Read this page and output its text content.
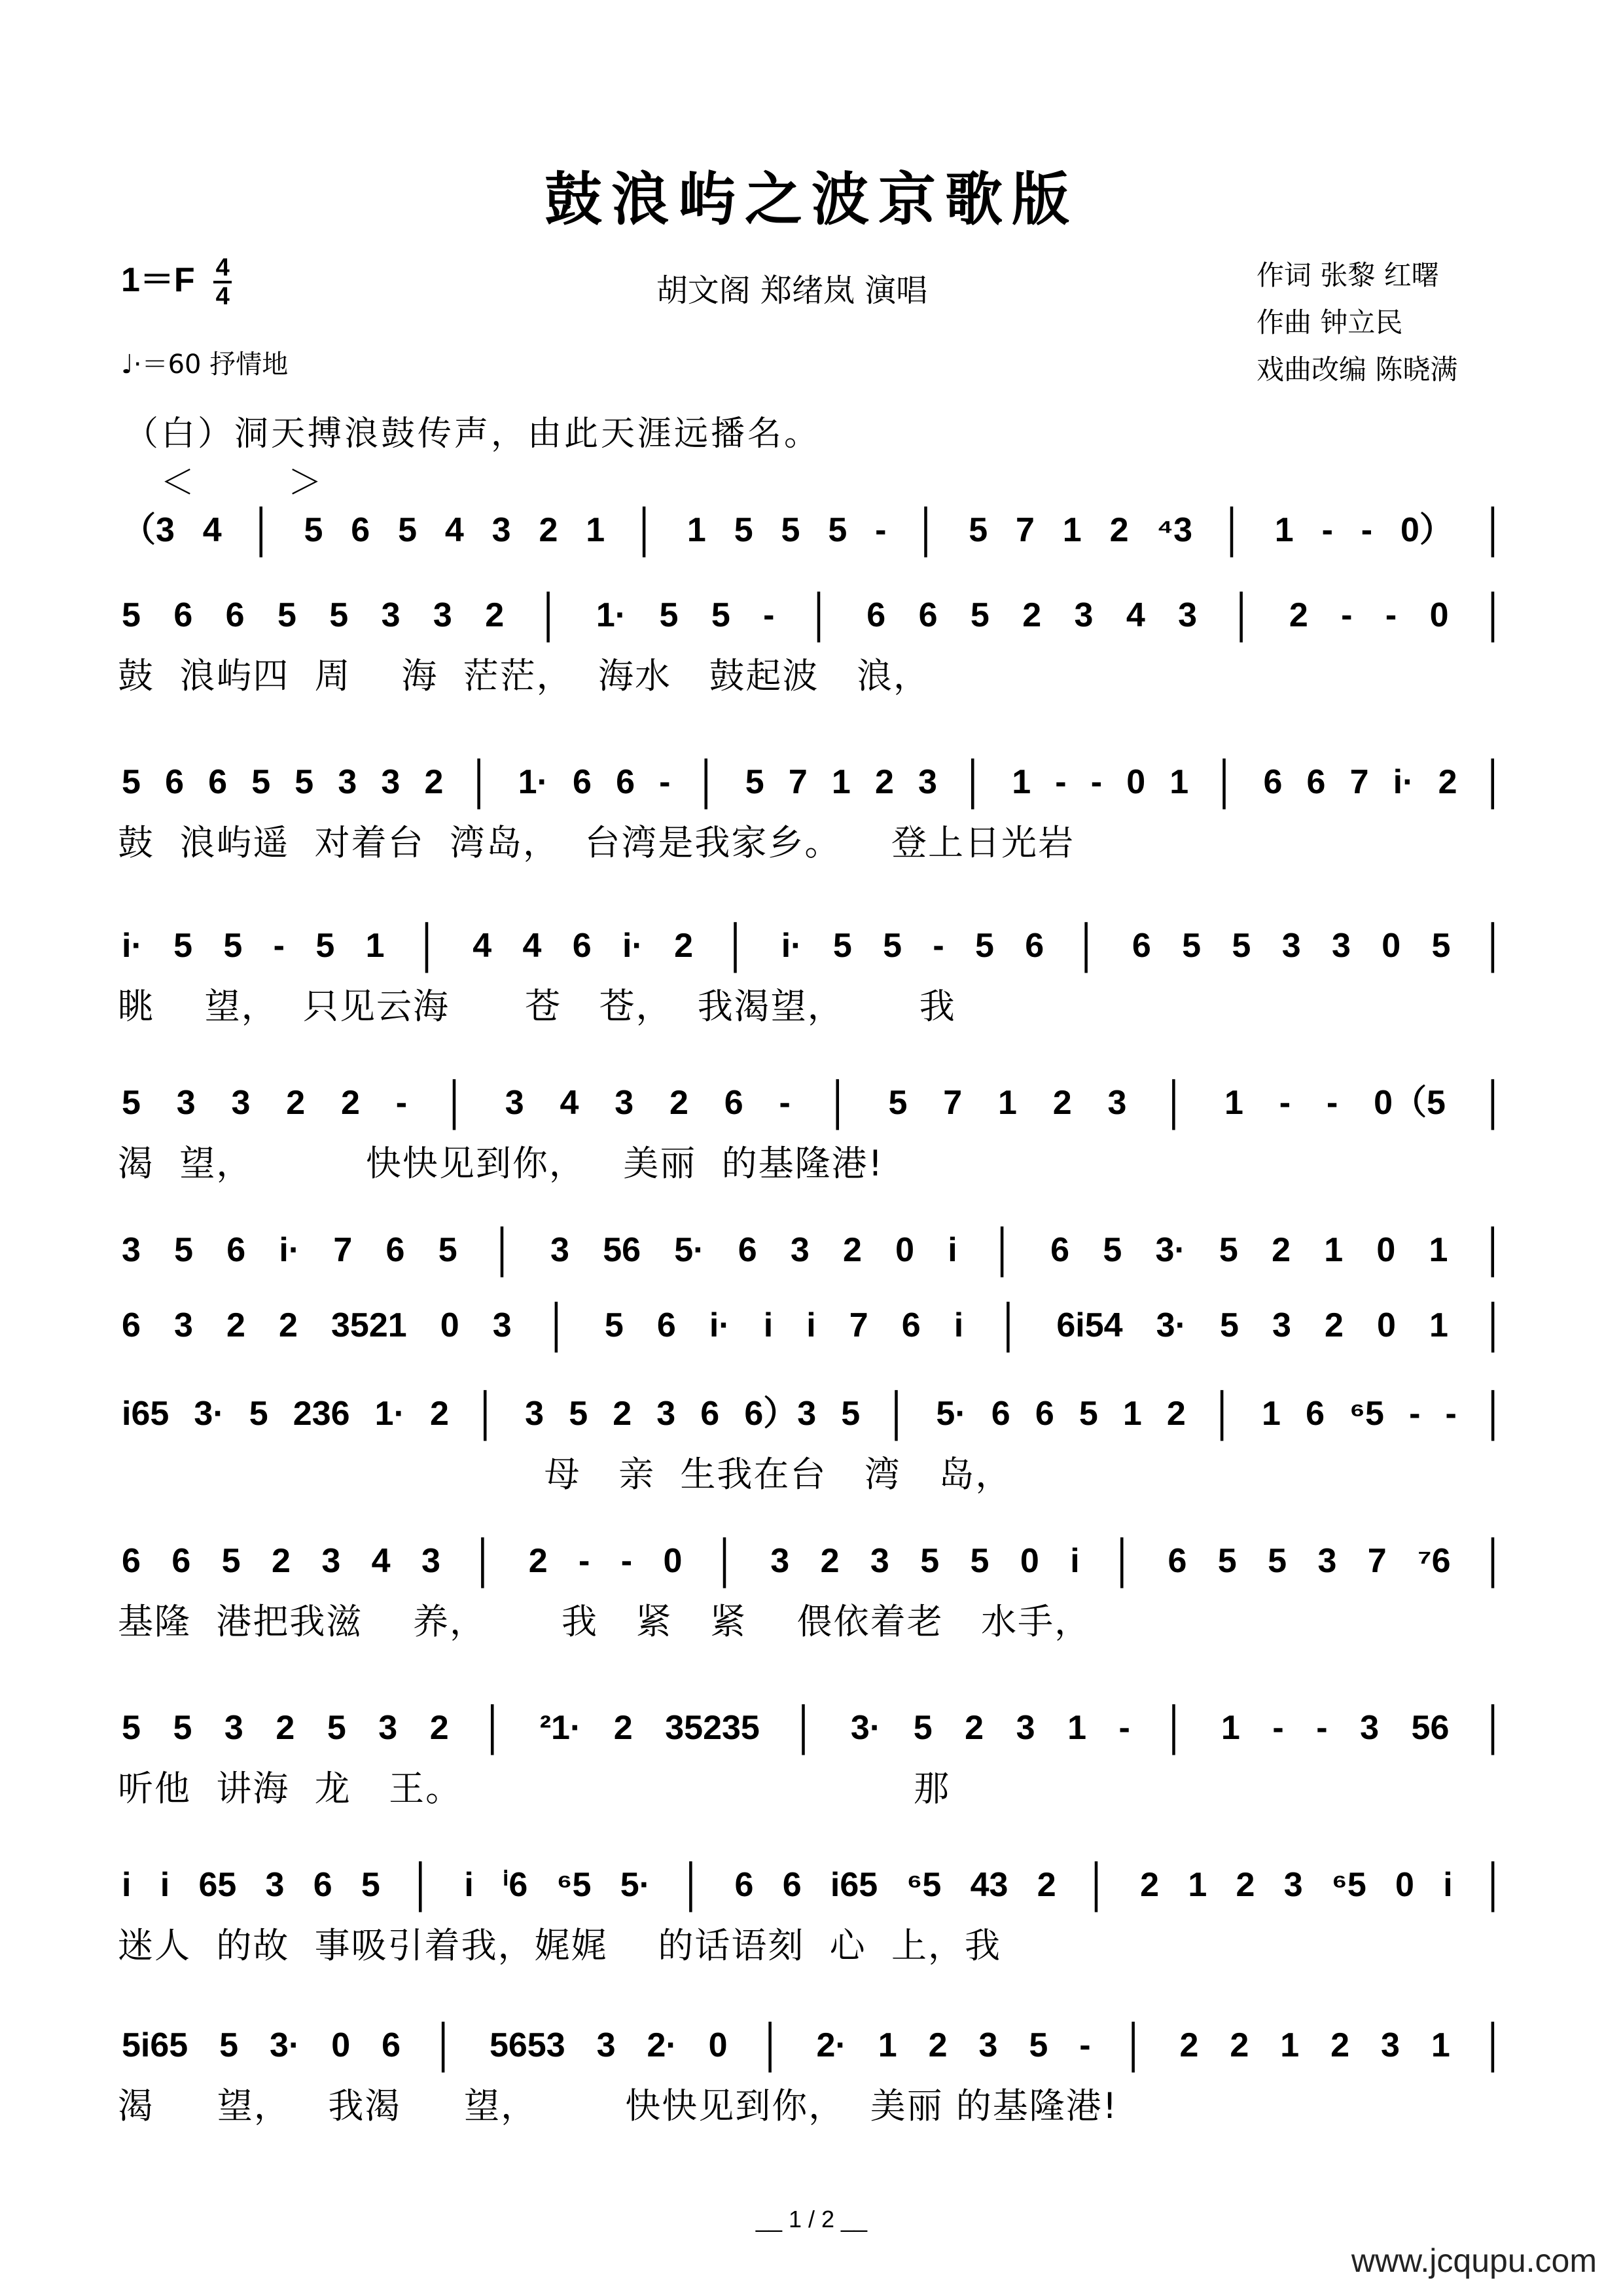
鼓浪屿之波京歌版
$1=F \frac{4}{4}$	胡文阁 郑绪岚 演唱	作词 张黎 红曙
作曲 钟立民
戏曲改编 陈晓满
♩·＝60 抒情地
（白）洞天搏浪鼓传声，由此天涯远播名。
＜	＞
（3 4 │ 5 6 5 4 3 2 1 │ 1 5 5 5 - │ 5 7 1 2 ⁴3 │ 1 - - 0） │
5 6 6 5 5 3 3 2 │ 1· 5 5 - │ 6 6 5 2 3 4 3 │ 2 - - 0 │
鼓  浪屿四  周    海  茫茫，  海水   鼓起波   浪，
5 6 6 5 5 3 3 2 │ 1· 6 6 - │ 5 7 1 2 3 │ 1 - - 0 1 │ 6 6 7 i· 2 │
鼓  浪屿遥  对着台  湾岛，  台湾是我家乡。    登上日光岩
i· 5 5 - 5 1 │ 4 4 6 i· 2 │ i· 5 5 - 5 6 │ 6 5 5 3 3 0 5 │
眺    望，  只见云海      苍   苍，  我渴望，      我
5 3 3 2 2 - │ 3 4 3 2 6 - │ 5 7 1 2 3 │ 1 - - 0（5 │
渴  望，         快快见到你，   美丽  的基隆港!
3 5 6 i· 7 6 5 │ 3 56 5· 6 3 2 0 i │ 6 5 3· 5 2 1 0 1 │
6 3 2 2 3521 0 3 │ 5 6 i· i i 7 6 i │ 6i54 3· 5 3 2 0 1 │
i65 3· 5 236 1· 2 │ 3 5 2 3 6 6）3 5 │ 5· 6 6 5 1 2 │ 1 6 ⁶5 - - │
母   亲  生我在台   湾   岛，
6 6 5 2 3 4 3 │ 2 - - 0 │ 3 2 3 5 5 0 i │ 6 5 5 3 7 ⁷6 │
基隆  港把我滋    养，      我   紧   紧    偎依着老   水手，
5 5 3 2 5 3 2 │ ²1· 2 35235 │ 3· 5 2 3 1 - │ 1 - - 3 56 │
听他  讲海  龙   王。                                    那
i i 65 3 6 5 │ i ⁱ6 ⁶5 5· │ 6 6 i65 ⁶5 43 2 │ 2 1 2 3 ⁶5 0 i │
迷人  的故  事吸引着我，娓娓    的话语刻  心  上，我
5i65 5 3· 0 6 │ 5653 3 2· 0 │ 2· 1 2 3 5 - │ 2 2 1 2 3 1 │
渴     望，   我渴     望，       快快见到你，  美丽 的基隆港!
__ 1 / 2 __
www.jcqupu.com
